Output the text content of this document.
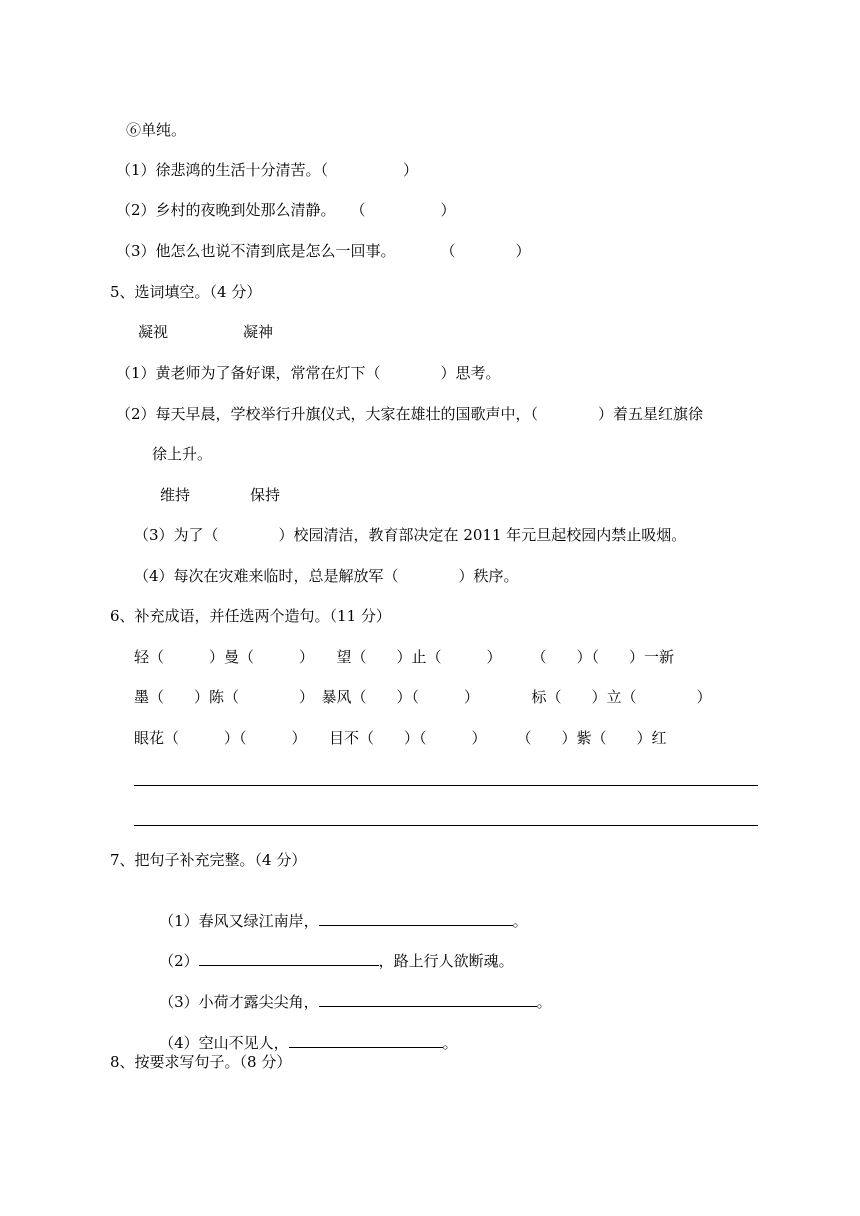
⑥单纯。
（1）徐悲鸿的生活十分清苦。（　　　　　）
（2）乡村的夜晚到处那么清静。　　（　　　　　）
（3）他怎么也说不清到底是怎么一回事。　　　　（　　　　）
5、选词填空。（4 分）
凝视　　　　　凝神
（1）黄老师为了备好课，常常在灯下（　　　　）思考。
（2）每天早晨，学校举行升旗仪式，大家在雄壮的国歌声中，（　　　　）着五星红旗徐
徐上升。
维持　　　　保持
（3）为了（　　　　）校园清洁，教育部决定在 2011 年元旦起校园内禁止吸烟。
（4）每次在灾难来临时，总是解放军（　　　　）秩序。
6、补充成语，并任选两个造句。（11 分）
轻（　　　）曼（　　　）　　望（　　）止（　　　）　　　（　　）（　　）一新
墨（　　）陈（　　　　）　暴风（　　）（　　　）　　　　标（　　）立（　　　　）
眼花（　　　）（　　　）　　目不（　　）（　　　）　　　（　　）紫（　　）红
7、把句子补充完整。（4 分）

（1）春风又绿江南岸，	。

（2）	，路上行人欲断魂。

（3）小荷才露尖尖角，	。

（4）空山不见人，	。

8、按要求写句子。（8 分）
